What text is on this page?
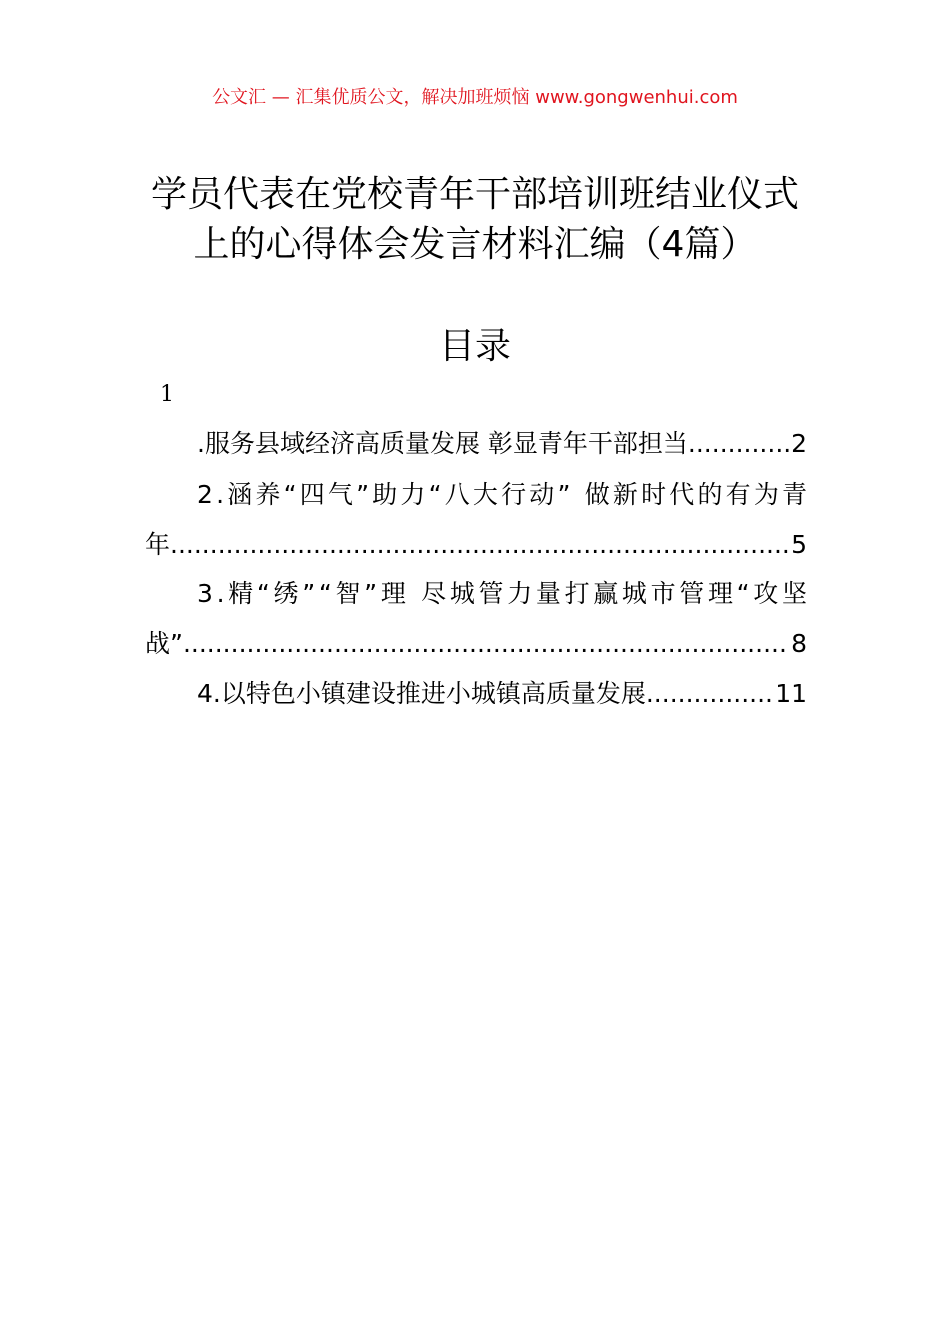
公文汇 — 汇集优质公文，解决加班烦恼 www.gongwenhui.com
学员代表在党校青年干部培训班结业仪式
上的心得体会发言材料汇编（4篇）
目录
1
.服务县域经济高质量发展 彰显青年干部担当 .....	2
2.涵养“四气”助力“八大行动” 做新时代的有为青
年 .....	5
3.精“绣”“智”理 尽城管力量打赢城市管理“攻坚
战” .....	8
4.以特色小镇建设推进小城镇高质量发展 .....	11
